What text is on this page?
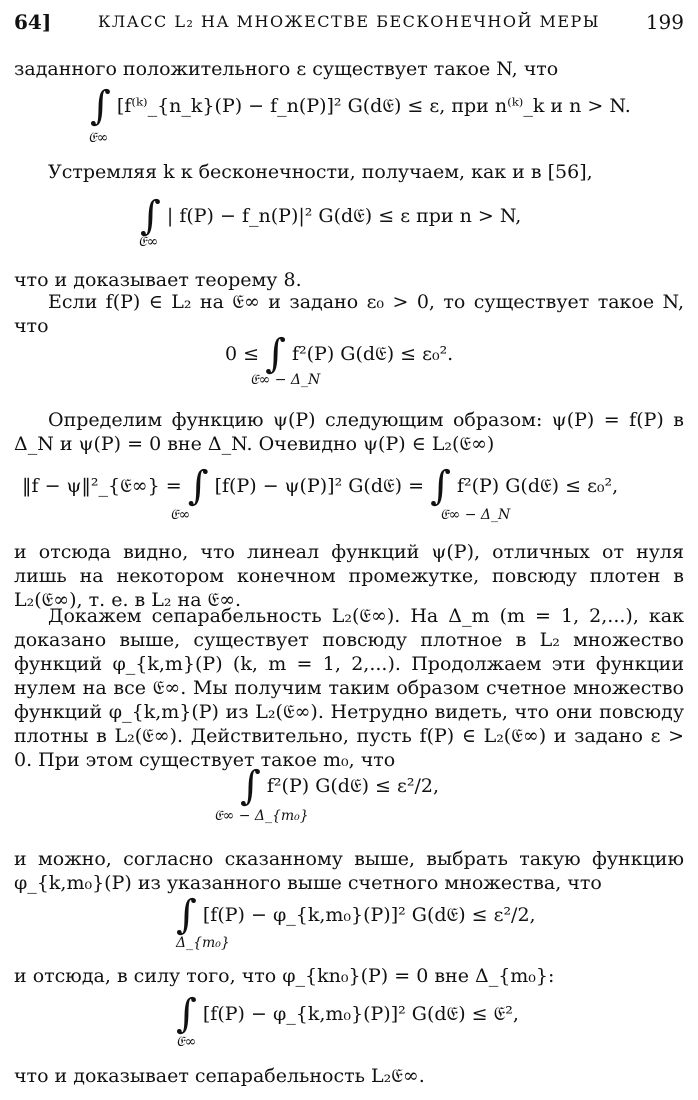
64]	КЛАСС L₂ НА МНОЖЕСТВЕ БЕСКОНЕЧНОЙ МЕРЫ	199
заданного положительного ε существует такое N, что
∫ [f⁽ᵏ⁾_{n_k}(P) − f_n(P)]² G(d𝔈) ≤ ε, при n⁽ᵏ⁾_k и n > N.
𝔈∞
Устремляя k к бесконечности, получаем, как и в [56],
∫ | f(P) − f_n(P)|² G(d𝔈) ≤ ε при n > N,
𝔈∞
что и доказывает теорему 8.
Если f(P) ∈ L₂ на 𝔈∞ и задано ε₀ > 0, то существует такое N, что
0 ≤ ∫ f²(P) G(d𝔈) ≤ ε₀².
𝔈∞ − Δ_N
Определим функцию ψ(P) следующим образом: ψ(P) = f(P) в Δ_N и ψ(P) = 0 вне Δ_N. Очевидно ψ(P) ∈ L₂(𝔈∞)
‖f − ψ‖²_{𝔈∞} = ∫ [f(P) − ψ(P)]² G(d𝔈) = ∫ f²(P) G(d𝔈) ≤ ε₀²,
𝔈∞	𝔈∞ − Δ_N
и отсюда видно, что линеал функций ψ(P), отличных от нуля лишь на некотором конечном промежутке, повсюду плотен в L₂(𝔈∞), т. е. в L₂ на 𝔈∞.
Докажем сепарабельность L₂(𝔈∞). На Δ_m (m = 1, 2,...), как доказано выше, существует повсюду плотное в L₂ множество функций φ_{k,m}(P) (k, m = 1, 2,...). Продолжаем эти функции нулем на все 𝔈∞. Мы получим таким образом счетное множество функций φ_{k,m}(P) из L₂(𝔈∞). Нетрудно видеть, что они повсюду плотны в L₂(𝔈∞). Действительно, пусть f(P) ∈ L₂(𝔈∞) и задано ε > 0. При этом существует такое m₀, что
∫ f²(P) G(d𝔈) ≤ ε²/2,
𝔈∞ − Δ_{m₀}
и можно, согласно сказанному выше, выбрать такую функцию φ_{k,m₀}(P) из указанного выше счетного множества, что
∫ [f(P) − φ_{k,m₀}(P)]² G(d𝔈) ≤ ε²/2,
Δ_{m₀}
и отсюда, в силу того, что φ_{kn₀}(P) = 0 вне Δ_{m₀}:
∫ [f(P) − φ_{k,m₀}(P)]² G(d𝔈) ≤ 𝔈²,
𝔈∞
что и доказывает сепарабельность L₂𝔈∞.
